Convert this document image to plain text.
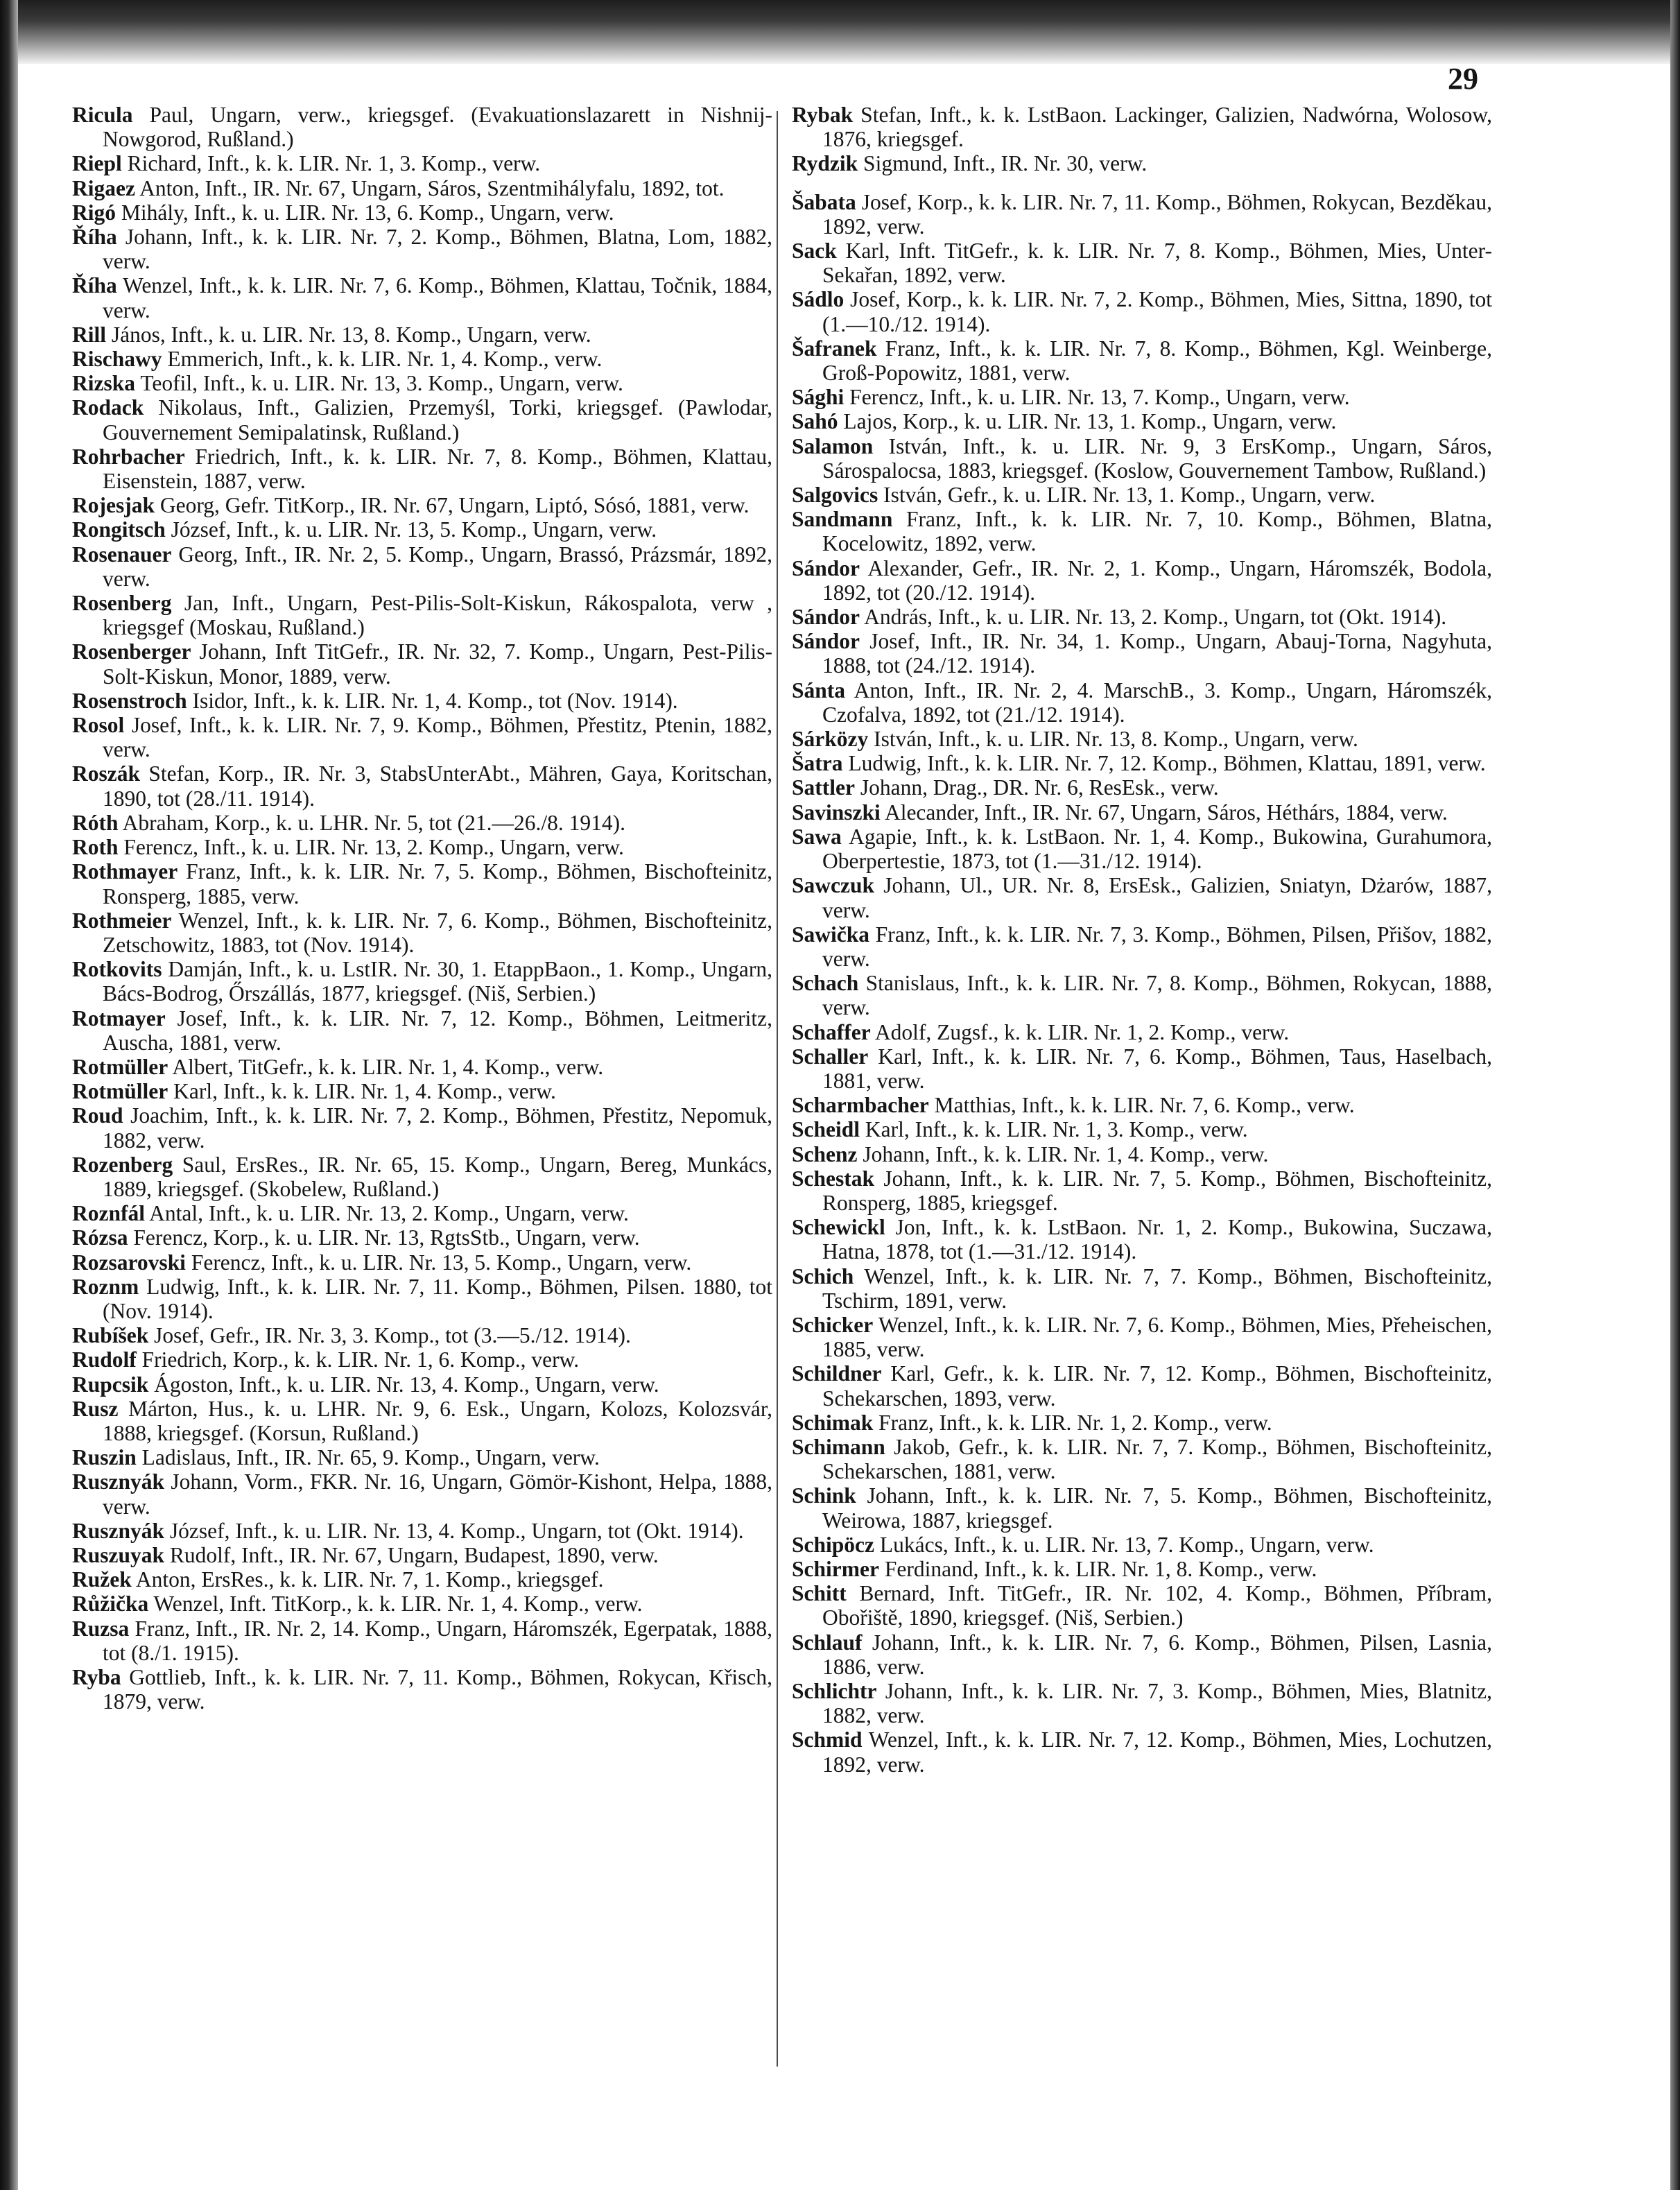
29

Ricula Paul, Ungarn, verw., kriegsgef. (Evakuationslazarett in Nishnij-Nowgorod, Rußland.)

Riepl Richard, Inft., k. k. LIR. Nr. 1, 3. Komp., verw.

Rigaez Anton, Inft., IR. Nr. 67, Ungarn, Sáros, Szentmihályfalu, 1892, tot.

Rigó Mihály, Inft., k. u. LIR. Nr. 13, 6. Komp., Ungarn, verw.

Říha Johann, Inft., k. k. LIR. Nr. 7, 2. Komp., Böhmen, Blatna, Lom, 1882, verw.

Říha Wenzel, Inft., k. k. LIR. Nr. 7, 6. Komp., Böhmen, Klattau, Točnik, 1884, verw.

Rill János, Inft., k. u. LIR. Nr. 13, 8. Komp., Ungarn, verw.

Rischawy Emmerich, Inft., k. k. LIR. Nr. 1, 4. Komp., verw.

Rizska Teofil, Inft., k. u. LIR. Nr. 13, 3. Komp., Ungarn, verw.

Rodack Nikolaus, Inft., Galizien, Przemyśl, Torki, kriegsgef. (Pawlodar, Gouvernement Semipalatinsk, Rußland.)

Rohrbacher Friedrich, Inft., k. k. LIR. Nr. 7, 8. Komp., Böhmen, Klattau, Eisenstein, 1887, verw.

Rojesjak Georg, Gefr. TitKorp., IR. Nr. 67, Ungarn, Liptó, Sósó, 1881, verw.

Rongitsch József, Inft., k. u. LIR. Nr. 13, 5. Komp., Ungarn, verw.

Rosenauer Georg, Inft., IR. Nr. 2, 5. Komp., Ungarn, Brassó, Prázsmár, 1892, verw.

Rosenberg Jan, Inft., Ungarn, Pest-Pilis-Solt-Kiskun, Rákospalota, verw , kriegsgef (Moskau, Rußland.)

Rosenberger Johann, Inft TitGefr., IR. Nr. 32, 7. Komp., Ungarn, Pest-Pilis-Solt-Kiskun, Monor, 1889, verw.

Rosenstroch Isidor, Inft., k. k. LIR. Nr. 1, 4. Komp., tot (Nov. 1914).

Rosol Josef, Inft., k. k. LIR. Nr. 7, 9. Komp., Böhmen, Přestitz, Ptenin, 1882, verw.

Roszák Stefan, Korp., IR. Nr. 3, StabsUnterAbt., Mähren, Gaya, Koritschan, 1890, tot (28./11. 1914).

Róth Abraham, Korp., k. u. LHR. Nr. 5, tot (21.—26./8. 1914).

Roth Ferencz, Inft., k. u. LIR. Nr. 13, 2. Komp., Ungarn, verw.

Rothmayer Franz, Inft., k. k. LIR. Nr. 7, 5. Komp., Böhmen, Bischofteinitz, Ronsperg, 1885, verw.

Rothmeier Wenzel, Inft., k. k. LIR. Nr. 7, 6. Komp., Böhmen, Bischofteinitz, Zetschowitz, 1883, tot (Nov. 1914).

Rotkovits Damján, Inft., k. u. LstIR. Nr. 30, 1. EtappBaon., 1. Komp., Ungarn, Bács-Bodrog, Őrszállás, 1877, kriegsgef. (Niš, Serbien.)

Rotmayer Josef, Inft., k. k. LIR. Nr. 7, 12. Komp., Böhmen, Leitmeritz, Auscha, 1881, verw.

Rotmüller Albert, TitGefr., k. k. LIR. Nr. 1, 4. Komp., verw.

Rotmüller Karl, Inft., k. k. LIR. Nr. 1, 4. Komp., verw.

Roud Joachim, Inft., k. k. LIR. Nr. 7, 2. Komp., Böhmen, Přestitz, Nepomuk, 1882, verw.

Rozenberg Saul, ErsRes., IR. Nr. 65, 15. Komp., Ungarn, Bereg, Munkács, 1889, kriegsgef. (Skobelew, Rußland.)

Roznfál Antal, Inft., k. u. LIR. Nr. 13, 2. Komp., Ungarn, verw.

Rózsa Ferencz, Korp., k. u. LIR. Nr. 13, RgtsStb., Ungarn, verw.

Rozsarovski Ferencz, Inft., k. u. LIR. Nr. 13, 5. Komp., Ungarn, verw.

Roznm Ludwig, Inft., k. k. LIR. Nr. 7, 11. Komp., Böhmen, Pilsen. 1880, tot (Nov. 1914).

Rubíšek Josef, Gefr., IR. Nr. 3, 3. Komp., tot (3.—5./12. 1914).

Rudolf Friedrich, Korp., k. k. LIR. Nr. 1, 6. Komp., verw.

Rupcsik Ágoston, Inft., k. u. LIR. Nr. 13, 4. Komp., Ungarn, verw.

Rusz Márton, Hus., k. u. LHR. Nr. 9, 6. Esk., Ungarn, Kolozs, Kolozsvár, 1888, kriegsgef. (Korsun, Rußland.)

Ruszin Ladislaus, Inft., IR. Nr. 65, 9. Komp., Ungarn, verw.

Rusznyák Johann, Vorm., FKR. Nr. 16, Ungarn, Gömör-Kishont, Helpa, 1888, verw.

Rusznyák József, Inft., k. u. LIR. Nr. 13, 4. Komp., Ungarn, tot (Okt. 1914).

Ruszuyak Rudolf, Inft., IR. Nr. 67, Ungarn, Budapest, 1890, verw.

Ružek Anton, ErsRes., k. k. LIR. Nr. 7, 1. Komp., kriegsgef.

Růžička Wenzel, Inft. TitKorp., k. k. LIR. Nr. 1, 4. Komp., verw.

Ruzsa Franz, Inft., IR. Nr. 2, 14. Komp., Ungarn, Háromszék, Egerpatak, 1888, tot (8./1. 1915).

Ryba Gottlieb, Inft., k. k. LIR. Nr. 7, 11. Komp., Böhmen, Rokycan, Křisch, 1879, verw.

Rybak Stefan, Inft., k. k. LstBaon. Lackinger, Galizien, Nadwórna, Wolosow, 1876, kriegsgef.

Rydzik Sigmund, Inft., IR. Nr. 30, verw.

Šabata Josef, Korp., k. k. LIR. Nr. 7, 11. Komp., Böhmen, Rokycan, Bezděkau, 1892, verw.

Sack Karl, Inft. TitGefr., k. k. LIR. Nr. 7, 8. Komp., Böhmen, Mies, Unter-Sekařan, 1892, verw.

Sádlo Josef, Korp., k. k. LIR. Nr. 7, 2. Komp., Böhmen, Mies, Sittna, 1890, tot (1.—10./12. 1914).

Šafranek Franz, Inft., k. k. LIR. Nr. 7, 8. Komp., Böhmen, Kgl. Weinberge, Groß-Popowitz, 1881, verw.

Sághi Ferencz, Inft., k. u. LIR. Nr. 13, 7. Komp., Ungarn, verw.

Sahó Lajos, Korp., k. u. LIR. Nr. 13, 1. Komp., Ungarn, verw.

Salamon István, Inft., k. u. LIR. Nr. 9, 3 ErsKomp., Ungarn, Sáros, Sárospalocsa, 1883, kriegsgef. (Koslow, Gouvernement Tambow, Rußland.)

Salgovics István, Gefr., k. u. LIR. Nr. 13, 1. Komp., Ungarn, verw.

Sandmann Franz, Inft., k. k. LIR. Nr. 7, 10. Komp., Böhmen, Blatna, Kocelowitz, 1892, verw.

Sándor Alexander, Gefr., IR. Nr. 2, 1. Komp., Ungarn, Háromszék, Bodola, 1892, tot (20./12. 1914).

Sándor András, Inft., k. u. LIR. Nr. 13, 2. Komp., Ungarn, tot (Okt. 1914).

Sándor Josef, Inft., IR. Nr. 34, 1. Komp., Ungarn, Abauj-Torna, Nagyhuta, 1888, tot (24./12. 1914).

Sánta Anton, Inft., IR. Nr. 2, 4. MarschB., 3. Komp., Ungarn, Háromszék, Czofalva, 1892, tot (21./12. 1914).

Sárközy István, Inft., k. u. LIR. Nr. 13, 8. Komp., Ungarn, verw.

Šatra Ludwig, Inft., k. k. LIR. Nr. 7, 12. Komp., Böhmen, Klattau, 1891, verw.

Sattler Johann, Drag., DR. Nr. 6, ResEsk., verw.

Savinszki Alecander, Inft., IR. Nr. 67, Ungarn, Sáros, Héthárs, 1884, verw.

Sawa Agapie, Inft., k. k. LstBaon. Nr. 1, 4. Komp., Bukowina, Gurahumora, Oberpertestie, 1873, tot (1.—31./12. 1914).

Sawczuk Johann, Ul., UR. Nr. 8, ErsEsk., Galizien, Sniatyn, Dżarów, 1887, verw.

Sawička Franz, Inft., k. k. LIR. Nr. 7, 3. Komp., Böhmen, Pilsen, Přišov, 1882, verw.

Schach Stanislaus, Inft., k. k. LIR. Nr. 7, 8. Komp., Böhmen, Rokycan, 1888, verw.

Schaffer Adolf, Zugsf., k. k. LIR. Nr. 1, 2. Komp., verw.

Schaller Karl, Inft., k. k. LIR. Nr. 7, 6. Komp., Böhmen, Taus, Haselbach, 1881, verw.

Scharmbacher Matthias, Inft., k. k. LIR. Nr. 7, 6. Komp., verw.

Scheidl Karl, Inft., k. k. LIR. Nr. 1, 3. Komp., verw.

Schenz Johann, Inft., k. k. LIR. Nr. 1, 4. Komp., verw.

Schestak Johann, Inft., k. k. LIR. Nr. 7, 5. Komp., Böhmen, Bischofteinitz, Ronsperg, 1885, kriegsgef.

Schewickl Jon, Inft., k. k. LstBaon. Nr. 1, 2. Komp., Bukowina, Suczawa, Hatna, 1878, tot (1.—31./12. 1914).

Schich Wenzel, Inft., k. k. LIR. Nr. 7, 7. Komp., Böhmen, Bischofteinitz, Tschirm, 1891, verw.

Schicker Wenzel, Inft., k. k. LIR. Nr. 7, 6. Komp., Böhmen, Mies, Přeheischen, 1885, verw.

Schildner Karl, Gefr., k. k. LIR. Nr. 7, 12. Komp., Böhmen, Bischofteinitz, Schekarschen, 1893, verw.

Schimak Franz, Inft., k. k. LIR. Nr. 1, 2. Komp., verw.

Schimann Jakob, Gefr., k. k. LIR. Nr. 7, 7. Komp., Böhmen, Bischofteinitz, Schekarschen, 1881, verw.

Schink Johann, Inft., k. k. LIR. Nr. 7, 5. Komp., Böhmen, Bischofteinitz, Weirowa, 1887, kriegsgef.

Schipöcz Lukács, Inft., k. u. LIR. Nr. 13, 7. Komp., Ungarn, verw.

Schirmer Ferdinand, Inft., k. k. LIR. Nr. 1, 8. Komp., verw.

Schitt Bernard, Inft. TitGefr., IR. Nr. 102, 4. Komp., Böhmen, Příbram, Obořiště, 1890, kriegsgef. (Niš, Serbien.)

Schlauf Johann, Inft., k. k. LIR. Nr. 7, 6. Komp., Böhmen, Pilsen, Lasnia, 1886, verw.

Schlichtr Johann, Inft., k. k. LIR. Nr. 7, 3. Komp., Böhmen, Mies, Blatnitz, 1882, verw.

Schmid Wenzel, Inft., k. k. LIR. Nr. 7, 12. Komp., Böhmen, Mies, Lochutzen, 1892, verw.
